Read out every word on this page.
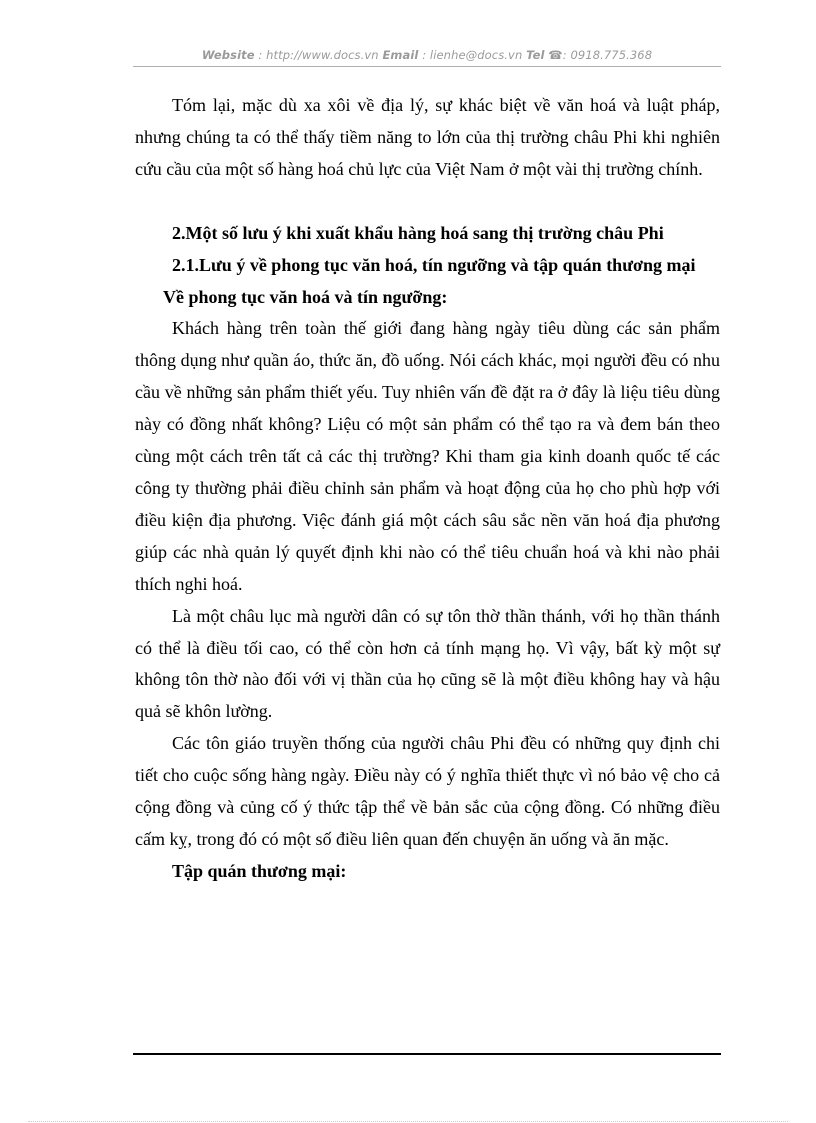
Website : http://www.docs.vn Email : lienhe@docs.vn Tel ☎: 0918.775.368

Tóm lại, mặc dù xa xôi về địa lý, sự khác biệt về văn hoá và luật pháp, nhưng chúng ta có thể thấy tiềm năng to lớn của thị trường châu Phi khi nghiên cứu cầu của một số hàng hoá chủ lực của Việt Nam ở một vài thị trường chính.

2.Một số lưu ý khi xuất khẩu hàng hoá sang thị trường châu Phi

2.1.Lưu ý về phong tục văn hoá, tín ngưỡng và tập quán thương mại

Về phong tục văn hoá và tín ngưỡng:

Khách hàng trên toàn thế giới đang hàng ngày tiêu dùng các sản phẩm thông dụng như quần áo, thức ăn, đồ uống. Nói cách khác, mọi người đều có nhu cầu về những sản phẩm thiết yếu. Tuy nhiên vấn đề đặt ra ở đây là liệu tiêu dùng này có đồng nhất không? Liệu có một sản phẩm có thể tạo ra và đem bán theo cùng một cách trên tất cả các thị trường? Khi tham gia kinh doanh quốc tế các công ty thường phải điều chỉnh sản phẩm và hoạt động của họ cho phù hợp với điều kiện địa phương. Việc đánh giá một cách sâu sắc nền văn hoá địa phương giúp các nhà quản lý quyết định khi nào có thể tiêu chuẩn hoá và khi nào phải thích nghi hoá.

Là một châu lục mà người dân có sự tôn thờ thần thánh, với họ thần thánh có thể là điều tối cao, có thể còn hơn cả tính mạng họ. Vì vậy, bất kỳ một sự không tôn thờ nào đối với vị thần của họ cũng sẽ là một điều không hay và hậu quả sẽ khôn lường.

Các tôn giáo truyền thống của người châu Phi đều có những quy định chi tiết cho cuộc sống hàng ngày. Điều này có ý nghĩa thiết thực vì nó bảo vệ cho cả cộng đồng và củng cố ý thức tập thể về bản sắc của cộng đồng. Có những điều cấm kỵ, trong đó có một số điều liên quan đến chuyện ăn uống và ăn mặc.

Tập quán thương mại:
